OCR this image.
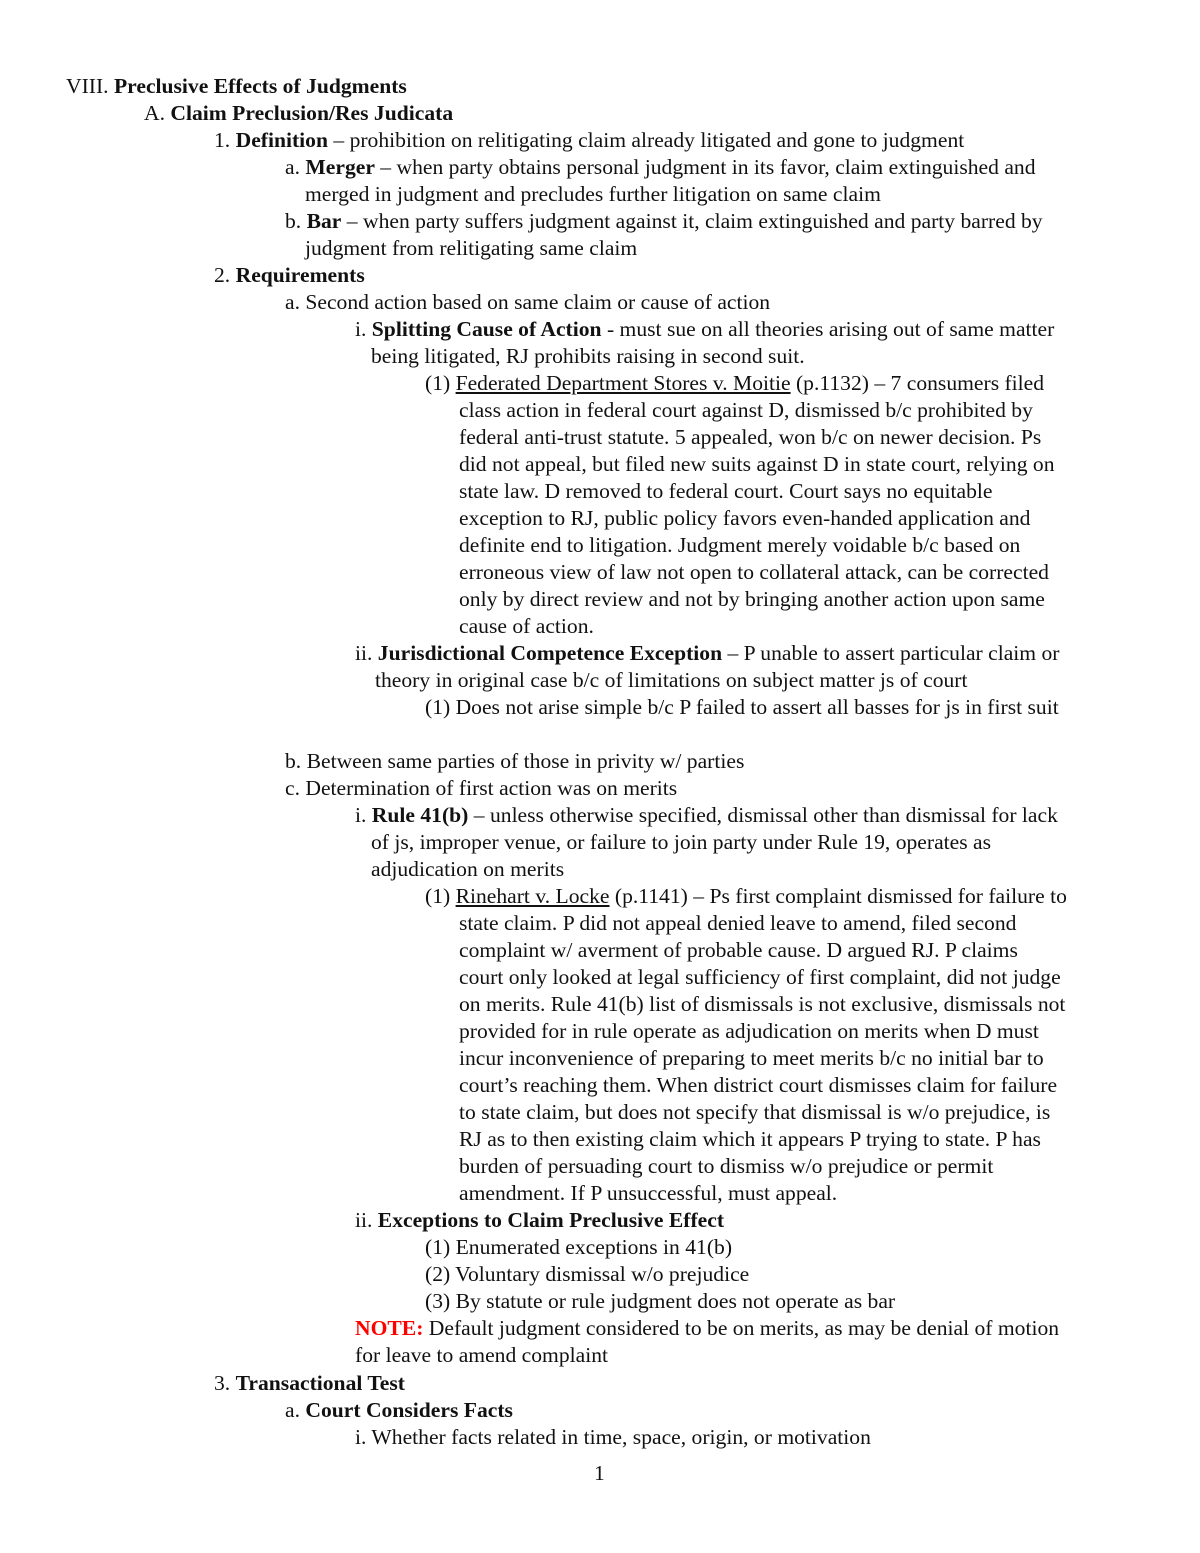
VIII. Preclusive Effects of Judgments
A. Claim Preclusion/Res Judicata
1. Definition – prohibition on relitigating claim already litigated and gone to judgment
a. Merger – when party obtains personal judgment in its favor, claim extinguished and
merged in judgment and precludes further litigation on same claim
b. Bar – when party suffers judgment against it, claim extinguished and party barred by
judgment from relitigating same claim
2. Requirements
a. Second action based on same claim or cause of action
i. Splitting Cause of Action - must sue on all theories arising out of same matter
being litigated, RJ prohibits raising in second suit.
(1) Federated Department Stores v. Moitie (p.1132) – 7 consumers filed
class action in federal court against D, dismissed b/c prohibited by
federal anti-trust statute. 5 appealed, won b/c on newer decision. Ps
did not appeal, but filed new suits against D in state court, relying on
state law. D removed to federal court. Court says no equitable
exception to RJ, public policy favors even-handed application and
definite end to litigation. Judgment merely voidable b/c based on
erroneous view of law not open to collateral attack, can be corrected
only by direct review and not by bringing another action upon same
cause of action.
ii. Jurisdictional Competence Exception – P unable to assert particular claim or
theory in original case b/c of limitations on subject matter js of court
(1) Does not arise simple b/c P failed to assert all basses for js in first suit
b. Between same parties of those in privity w/ parties
c. Determination of first action was on merits
i. Rule 41(b) – unless otherwise specified, dismissal other than dismissal for lack
of js, improper venue, or failure to join party under Rule 19, operates as
adjudication on merits
(1) Rinehart v. Locke (p.1141) – Ps first complaint dismissed for failure to
state claim. P did not appeal denied leave to amend, filed second
complaint w/ averment of probable cause. D argued RJ. P claims
court only looked at legal sufficiency of first complaint, did not judge
on merits. Rule 41(b) list of dismissals is not exclusive, dismissals not
provided for in rule operate as adjudication on merits when D must
incur inconvenience of preparing to meet merits b/c no initial bar to
court’s reaching them. When district court dismisses claim for failure
to state claim, but does not specify that dismissal is w/o prejudice, is
RJ as to then existing claim which it appears P trying to state. P has
burden of persuading court to dismiss w/o prejudice or permit
amendment. If P unsuccessful, must appeal.
ii. Exceptions to Claim Preclusive Effect
(1) Enumerated exceptions in 41(b)
(2) Voluntary dismissal w/o prejudice
(3) By statute or rule judgment does not operate as bar
NOTE: Default judgment considered to be on merits, as may be denial of motion
for leave to amend complaint
3. Transactional Test
a. Court Considers Facts
i. Whether facts related in time, space, origin, or motivation
1
